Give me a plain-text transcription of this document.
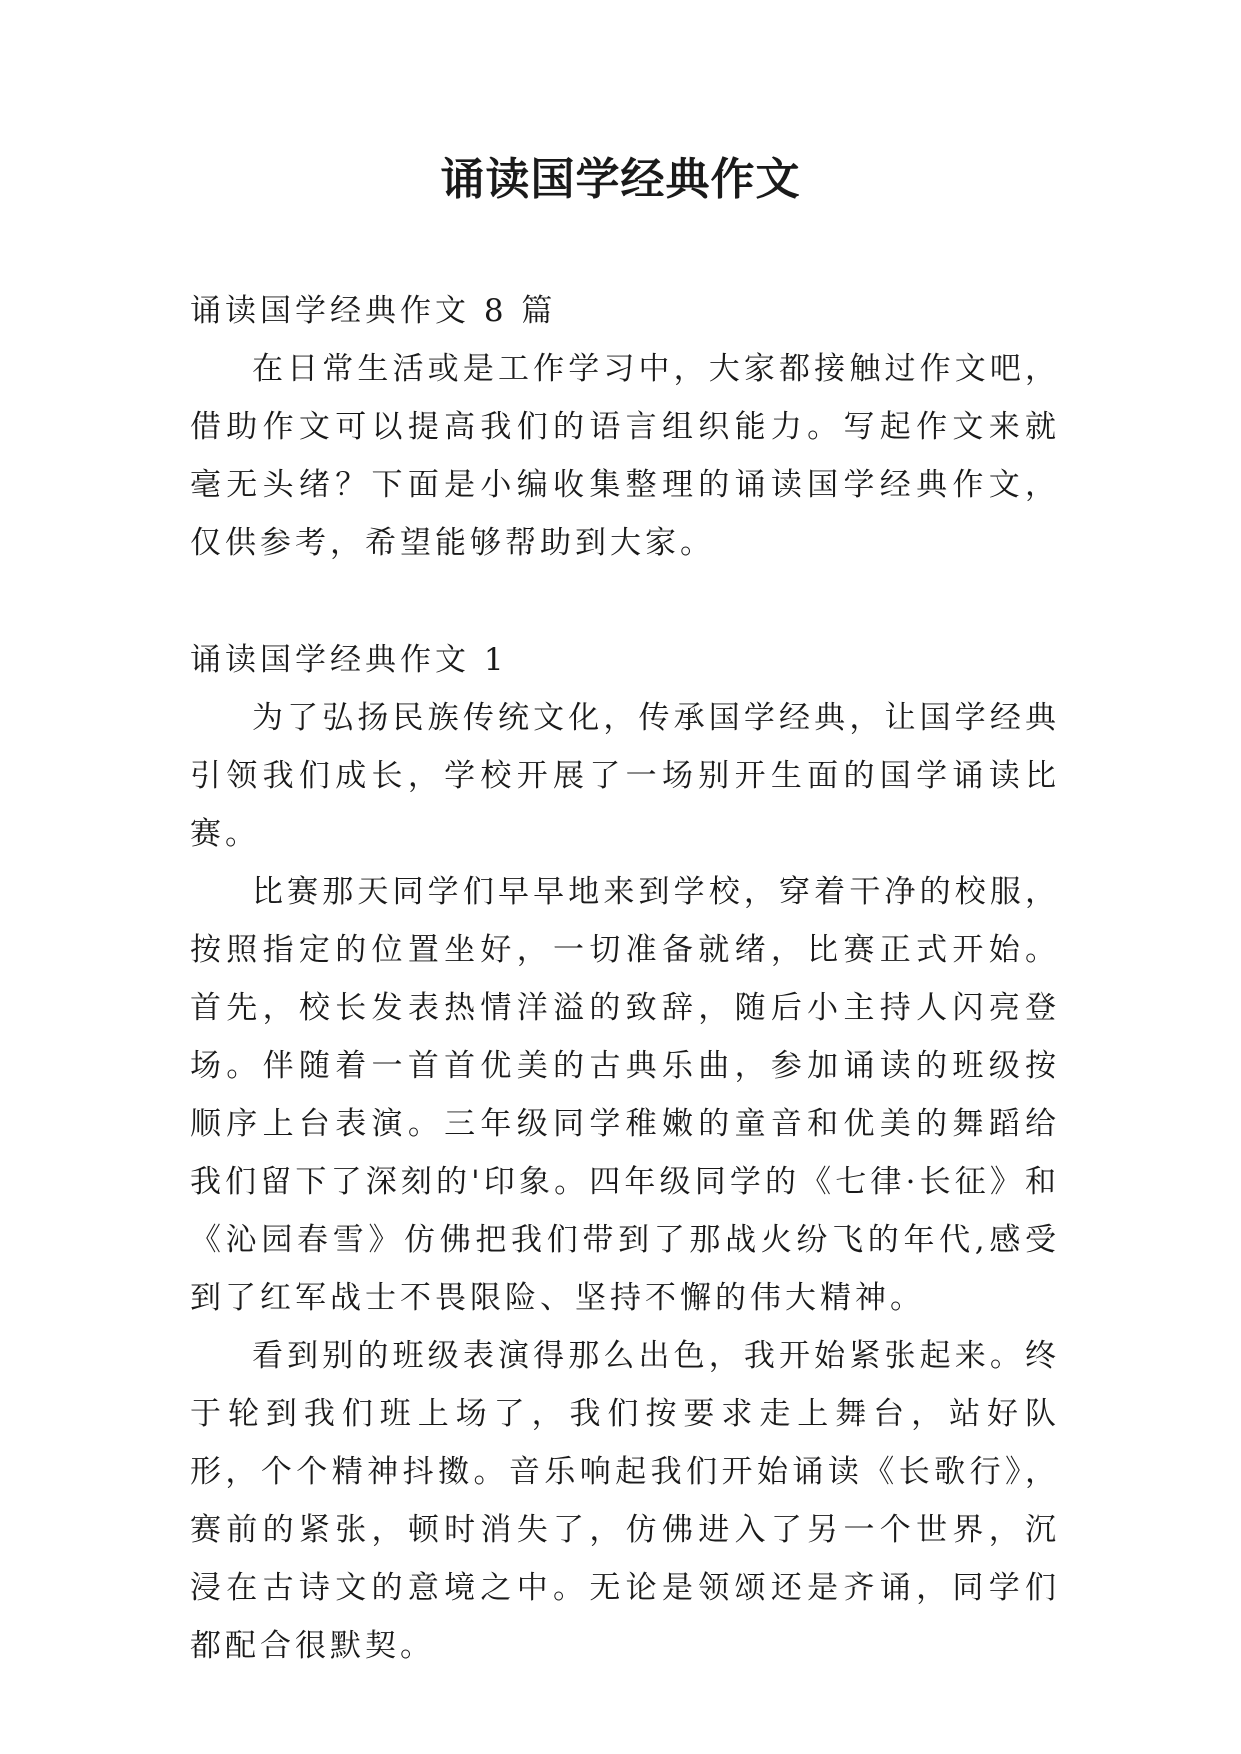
诵读国学经典作文

诵读国学经典作文 8 篇

在日常生活或是工作学习中，大家都接触过作文吧，借助作文可以提高我们的语言组织能力。写起作文来就毫无头绪？下面是小编收集整理的诵读国学经典作文，仅供参考，希望能够帮助到大家。

诵读国学经典作文 1

为了弘扬民族传统文化，传承国学经典，让国学经典引领我们成长，学校开展了一场别开生面的国学诵读比赛。

比赛那天同学们早早地来到学校，穿着干净的校服，按照指定的位置坐好，一切准备就绪，比赛正式开始。首先，校长发表热情洋溢的致辞，随后小主持人闪亮登场。伴随着一首首优美的古典乐曲，参加诵读的班级按顺序上台表演。三年级同学稚嫩的童音和优美的舞蹈给我们留下了深刻的'印象。四年级同学的《七律·长征》和《沁园春雪》仿佛把我们带到了那战火纷飞的年代,感受到了红军战士不畏限险、坚持不懈的伟大精神。

看到别的班级表演得那么出色，我开始紧张起来。终于轮到我们班上场了，我们按要求走上舞台，站好队形，个个精神抖擞。音乐响起我们开始诵读《长歌行》，赛前的紧张，顿时消失了，仿佛进入了另一个世界，沉浸在古诗文的意境之中。无论是领颂还是齐诵，同学们都配合很默契。
